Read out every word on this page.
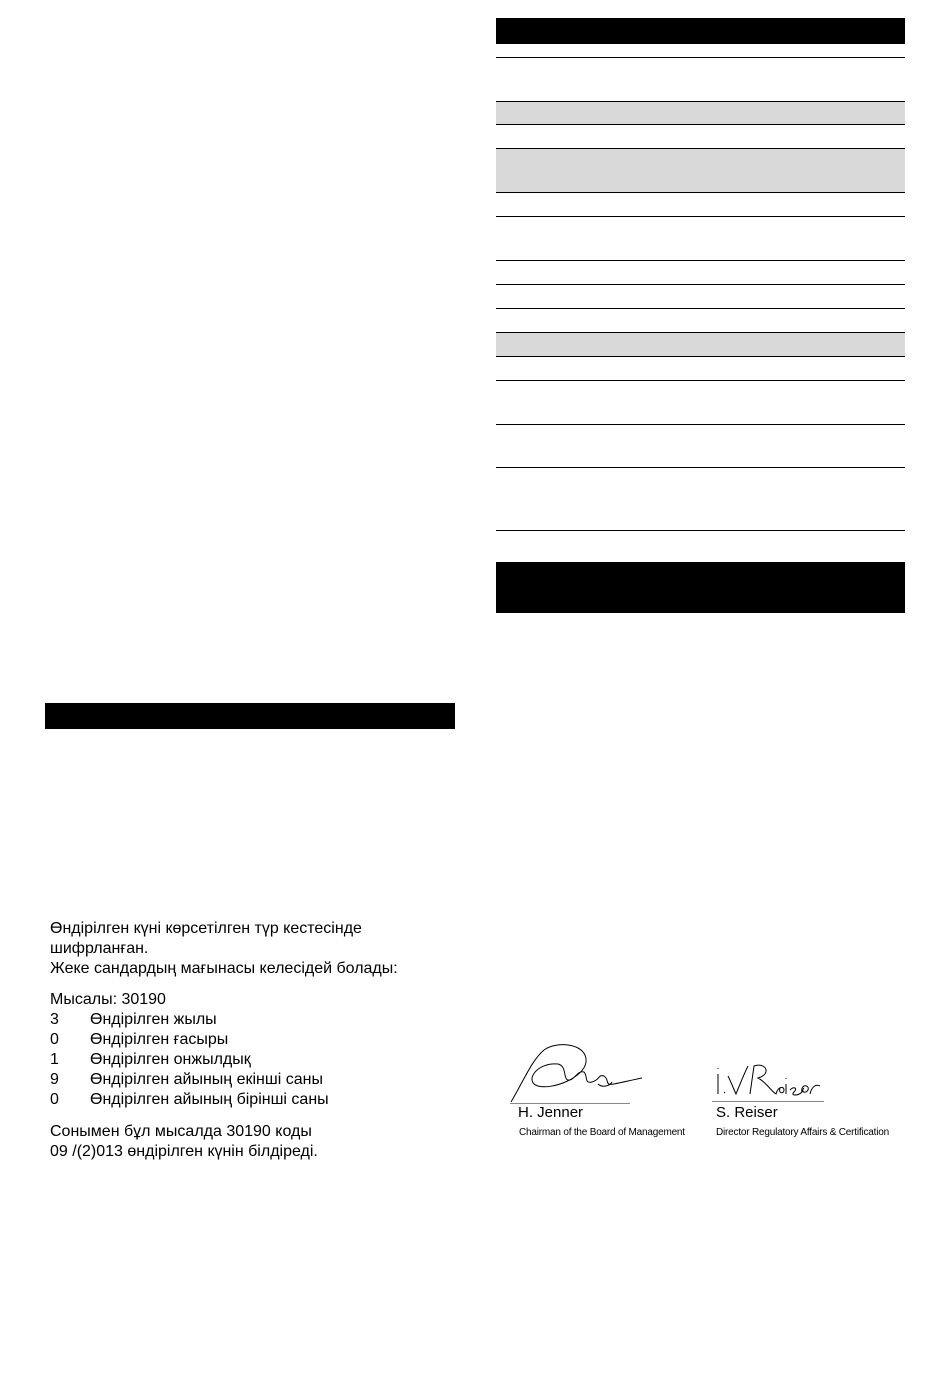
Өндірілген күні көрсетілген түр кестесінде
шифрланған.
Жеке сандардың мағынасы келесідей болады:
Мысалы: 30190
3 Өндірілген жылы
0 Өндірілген ғасыры
1 Өндірілген онжылдық
9 Өндірілген айының екінші саны
0 Өндірілген айының бірінші саны
Сонымен бұл мысалда 30190 коды
09 /(2)013 өндірілген күнін білдіреді.
H. Jenner
Chairman of the Board of Management
S. Reiser
Director Regulatory Affairs & Certification
